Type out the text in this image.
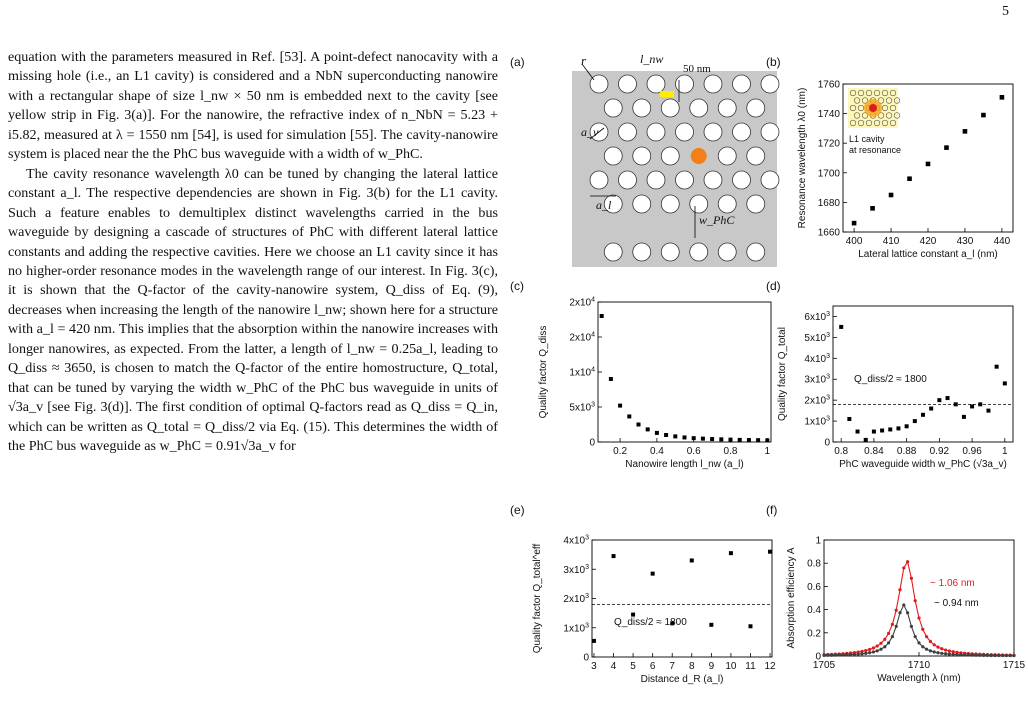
5

equation with the parameters measured in Ref. [53]. A point-defect nanocavity with a missing hole (i.e., an L1 cavity) is considered and a NbN superconducting nanowire with a rectangular shape of size l_nw × 50 nm is embedded next to the cavity [see yellow strip in Fig. 3(a)]. For the nanowire, the refractive index of n_NbN = 5.23 + i5.82, measured at λ = 1550 nm [54], is used for simulation [55]. The cavity-nanowire system is placed near the the PhC bus waveguide with a width of w_PhC.

The cavity resonance wavelength λ0 can be tuned by changing the lateral lattice constant a_l. The respective dependencies are shown in Fig. 3(b) for the L1 cavity. Such a feature enables to demultiplex distinct wavelengths carried in the bus waveguide by designing a cascade of structures of PhC with different lateral lattice constants and adding the respective cavities. Here we choose an L1 cavity since it has no higher-order resonance modes in the wavelength range of our interest. In Fig. 3(c), it is shown that the Q-factor of the cavity-nanowire system, Q_diss of Eq. (9), decreases when increasing the length of the nanowire l_nw; shown here for a structure with a_l = 420 nm. This implies that the absorption within the nanowire increases with longer nanowires, as expected. From the latter, a length of l_nw = 0.25a_l, leading to Q_diss ≈ 3650, is chosen to match the Q-factor of the entire homostructure, Q_total, that can be tuned by varying the width w_PhC of the PhC bus waveguide in units of √3a_v [see Fig. 3(d)]. The first condition of optimal Q-factors read as Q_diss = Q_in, which can be written as Q_total = Q_diss/2 via Eq. (15). This determines the width of the PhC bus waveguide as w_PhC = 0.91√3a_v for

(a)	r	l_nw
50 nm
a_v
a_l
w_PhC
(b)
400 410 420 430 440
1660
1680
1700
1720
1740
1760
Lateral lattice constant a_l (nm)
Resonance wavelength λ0 (nm)	L1 cavity
at resonance
(c)
0.2 0.4 0.6 0.8	1
0
$5x10^3$
$1x10^4$
$2x10^4$
$2x10^4$
Nanowire length l_nw (a_l)
Quality factor Q_diss
(d)
0.8 0.84 0.88 0.92 0.96 1
0
$1x10^3$
$2x10^3$
$3x10^3$
$4x10^3$
$5x10^3$
$6x10^3$
PhC waveguide width w_PhC (√3a_v)
Quality factor Q_total	Q_diss/2 ≈ 1800
(e)
3 4 5 6 7 8 9 10 11 12
0
$1x10^3$
$2x10^3$
$3x10^3$
$4x10^3$
Distance d_R (a_l)
Quality factor Q_total^eff	Q_diss/2 ≈ 1800
(f)
1705	1710	1715
0
0.2
0.4
0.6
0.8
1
Wavelength λ (nm)
Absorption efficiency A	~ 1.06 nm
~ 0.94 nm
